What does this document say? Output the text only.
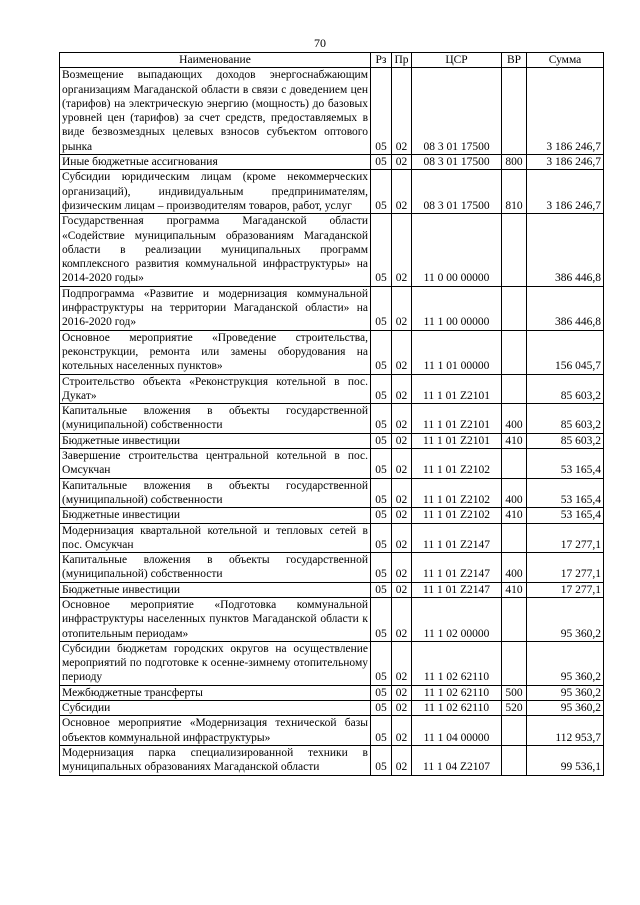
70
Наименование	Рз	Пр	ЦСР	ВР	Сумма
Возмещение выпадающих доходов энергоснабжающим организациям Магаданской области в связи с доведением цен (тарифов) на электрическую энергию (мощность) до базовых уровней цен (тарифов) за счет средств, предоставляемых в виде безвозмездных целевых взносов субъектом оптового рынка	05	02	08 3 01 17500		3 186 246,7
Иные бюджетные ассигнования	05	02	08 3 01 17500	800	3 186 246,7
Субсидии юридическим лицам (кроме некоммерческих организаций), индивидуальным предпринимателям, физическим лицам – производителям товаров, работ, услуг	05	02	08 3 01 17500	810	3 186 246,7
Государственная программа Магаданской области «Содействие муниципальным образованиям Магаданской области в реализации муниципальных программ комплексного развития коммунальной инфраструктуры» на 2014-2020 годы»	05	02	11 0 00 00000		386 446,8
Подпрограмма «Развитие и модернизация коммунальной инфраструктуры на территории Магаданской области» на 2016-2020 год»	05	02	11 1 00 00000		386 446,8
Основное мероприятие «Проведение строительства, реконструкции, ремонта или замены оборудования на котельных населенных пунктов»	05	02	11 1 01 00000		156 045,7
Строительство объекта «Реконструкция котельной в пос. Дукат»	05	02	11 1 01 Z2101		85 603,2
Капитальные вложения в объекты государственной (муниципальной) собственности	05	02	11 1 01 Z2101	400	85 603,2
Бюджетные инвестиции	05	02	11 1 01 Z2101	410	85 603,2
Завершение строительства центральной котельной в пос. Омсукчан	05	02	11 1 01 Z2102		53 165,4
Капитальные вложения в объекты государственной (муниципальной) собственности	05	02	11 1 01 Z2102	400	53 165,4
Бюджетные инвестиции	05	02	11 1 01 Z2102	410	53 165,4
Модернизация квартальной котельной и тепловых сетей в пос. Омсукчан	05	02	11 1 01 Z2147		17 277,1
Капитальные вложения в объекты государственной (муниципальной) собственности	05	02	11 1 01 Z2147	400	17 277,1
Бюджетные инвестиции	05	02	11 1 01 Z2147	410	17 277,1
Основное мероприятие «Подготовка коммунальной инфраструктуры населенных пунктов Магаданской области к отопительным периодам»	05	02	11 1 02 00000		95 360,2
Субсидии бюджетам городских округов на осуществление мероприятий по подготовке к осенне-зимнему отопительному периоду	05	02	11 1 02 62110		95 360,2
Межбюджетные трансферты	05	02	11 1 02 62110	500	95 360,2
Субсидии	05	02	11 1 02 62110	520	95 360,2
Основное мероприятие «Модернизация технической базы объектов коммунальной инфраструктуры»	05	02	11 1 04 00000		112 953,7
Модернизация парка специализированной техники в муниципальных образованиях Магаданской области	05	02	11 1 04 Z2107		99 536,1
